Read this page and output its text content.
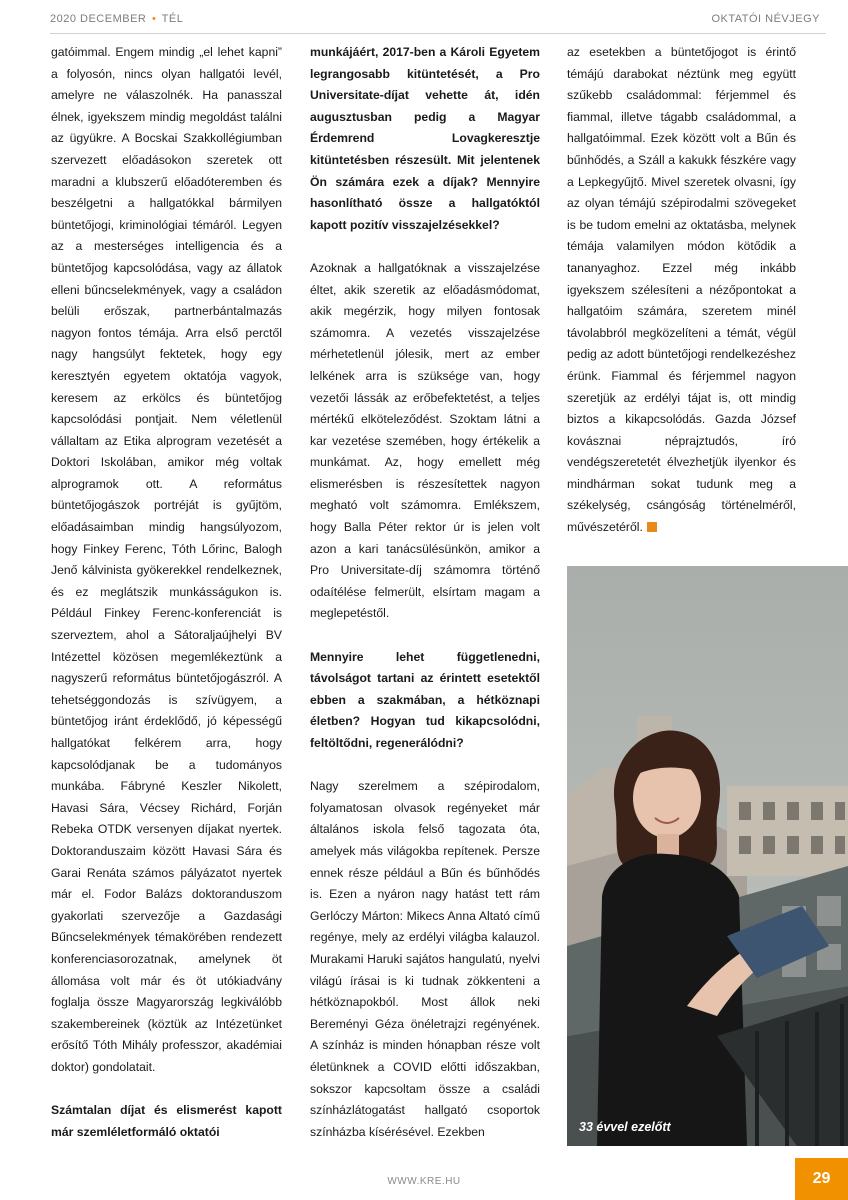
2020 DECEMBER • TÉL	OKTATÓI NÉVJEGY

gatóimmal. Engem mindig „el lehet kapni” a folyosón, nincs olyan hallgatói levél, amelyre ne válaszolnék. Ha panasszal élnek, igyekszem mindig megoldást találni az ügyükre. A Bocskai Szakkollégiumban szervezett előadásokon szeretek ott maradni a klubszerű előadóteremben és beszélgetni a hallgatókkal bármilyen büntetőjogi, kriminológiai témáról. Legyen az a mesterséges intelligencia és a büntetőjog kapcsolódása, vagy az állatok elleni bűncselekmények, vagy a családon belüli erőszak, partnerbántalmazás nagyon fontos témája. Arra első perctől nagy hangsúlyt fektetek, hogy egy keresztyén egyetem oktatója vagyok, keresem az erkölcs és büntetőjog kapcsolódási pontjait. Nem véletlenül vállaltam az Etika alprogram vezetését a Doktori Iskolában, amikor még voltak alprogramok ott. A református büntetőjogászok portréját is gyűjtöm, előadásaimban mindig hangsúlyozom, hogy Finkey Ferenc, Tóth Lőrinc, Balogh Jenő kálvinista gyökerekkel rendelkeznek, és ez meglátszik munkásságukon is. Például Finkey Ferenc-konferenciát is szerveztem, ahol a Sátoraljaújhelyi BV Intézettel közösen megemlékeztünk a nagyszerű református büntetőjogászról. A tehetséggondozás is szívügyem, a büntetőjog iránt érdeklődő, jó képességű hallgatókat felkérem arra, hogy kapcsolódjanak be a tudományos munkába. Fábryné Keszler Nikolett, Havasi Sára, Vécsey Richárd, Forján Rebeka OTDK versenyen díjakat nyertek. Doktoranduszaim között Havasi Sára és Garai Renáta számos pályázatot nyertek már el. Fodor Balázs doktoranduszom gyakorlati szervezője a Gazdasági Bűncselekmények témakörében rendezett konferenciasorozatnak, amelynek öt állomása volt már és öt utókiadvány foglalja össze Magyarország legkiválóbb szakembereinek (köztük az Intézetünket erősítő Tóth Mihály professzor, akadémiai doktor) gondolatait.

Számtalan díjat és elismerést kapott már szemléletformáló oktatói

munkájáért, 2017-ben a Károli Egyetem legrangosabb kitüntetését, a Pro Universitate-díjat vehette át, idén augusztusban pedig a Magyar Érdemrend Lovagkeresztje kitüntetésben részesült. Mit jelentenek Ön számára ezek a díjak? Mennyire hasonlítható össze a hallgatóktól kapott pozitív visszajelzésekkel?

Azoknak a hallgatóknak a visszajelzése éltet, akik szeretik az előadásmódomat, akik megérzik, hogy milyen fontosak számomra. A vezetés visszajelzése mérhetetlenül jólesik, mert az ember lelkének arra is szüksége van, hogy vezetői lássák az erőbefektetést, a teljes mértékű elköteleződést. Szoktam látni a kar vezetése szemében, hogy értékelik a munkámat. Az, hogy emellett még elismerésben is részesítettek nagyon megható volt számomra. Emlékszem, hogy Balla Péter rektor úr is jelen volt azon a kari tanácsülésünkön, amikor a Pro Universitate-díj számomra történő odaítélése felmerült, elsírtam magam a meglepetéstől.

Mennyire lehet függetlenedni, távolságot tartani az érintett esetektől ebben a szakmában, a hétköznapi életben? Hogyan tud kikapcsolódni, feltöltődni, regenerálódni?

Nagy szerelmem a szépirodalom, folyamatosan olvasok regényeket már általános iskola felső tagozata óta, amelyek más világokba repítenek. Persze ennek része például a Bűn és bűnhődés is. Ezen a nyáron nagy hatást tett rám Gerlóczy Márton: Mikecs Anna Altató című regénye, mely az erdélyi világba kalauzol. Murakami Haruki sajátos hangulatú, nyelvi világú írásai is ki tudnak zökkenteni a hétköznapokból. Most állok neki Bereményi Géza önéletrajzi regényének. A színház is minden hónapban része volt életünknek a COVID előtti időszakban, sokszor kapcsoltam össze a családi színházlátogatást hallgató csoportok színházba kísérésével. Ezekben

az esetekben a büntetőjogot is érintő témájú darabokat néztünk meg együtt szűkebb családommal: férjemmel és fiammal, illetve tágabb családommal, a hallgatóimmal. Ezek között volt a Bűn és bűnhődés, a Száll a kakukk fészkére vagy a Lepkegyűjtő. Mivel szeretek olvasni, így az olyan témájú szépirodalmi szövegeket is be tudom emelni az oktatásba, melynek témája valamilyen módon kötődik a tananyaghoz. Ezzel még inkább igyekszem szélesíteni a nézőpontokat a hallgatóim számára, szeretem minél távolabbról megközelíteni a témát, végül pedig az adott büntetőjogi rendelkezéshez érünk. Fiammal és férjemmel nagyon szeretjük az erdélyi tájat is, ott mindig biztos a kikapcsolódás. Gazda József kovásznai néprajztudós, író vendégszeretetét élvezhetjük ilyenkor és mindhárman sokat tudunk meg a székelység, csángóság történelméről, művészetéről.

33 évvel ezelőtt
WWW.KRE.HU	29
